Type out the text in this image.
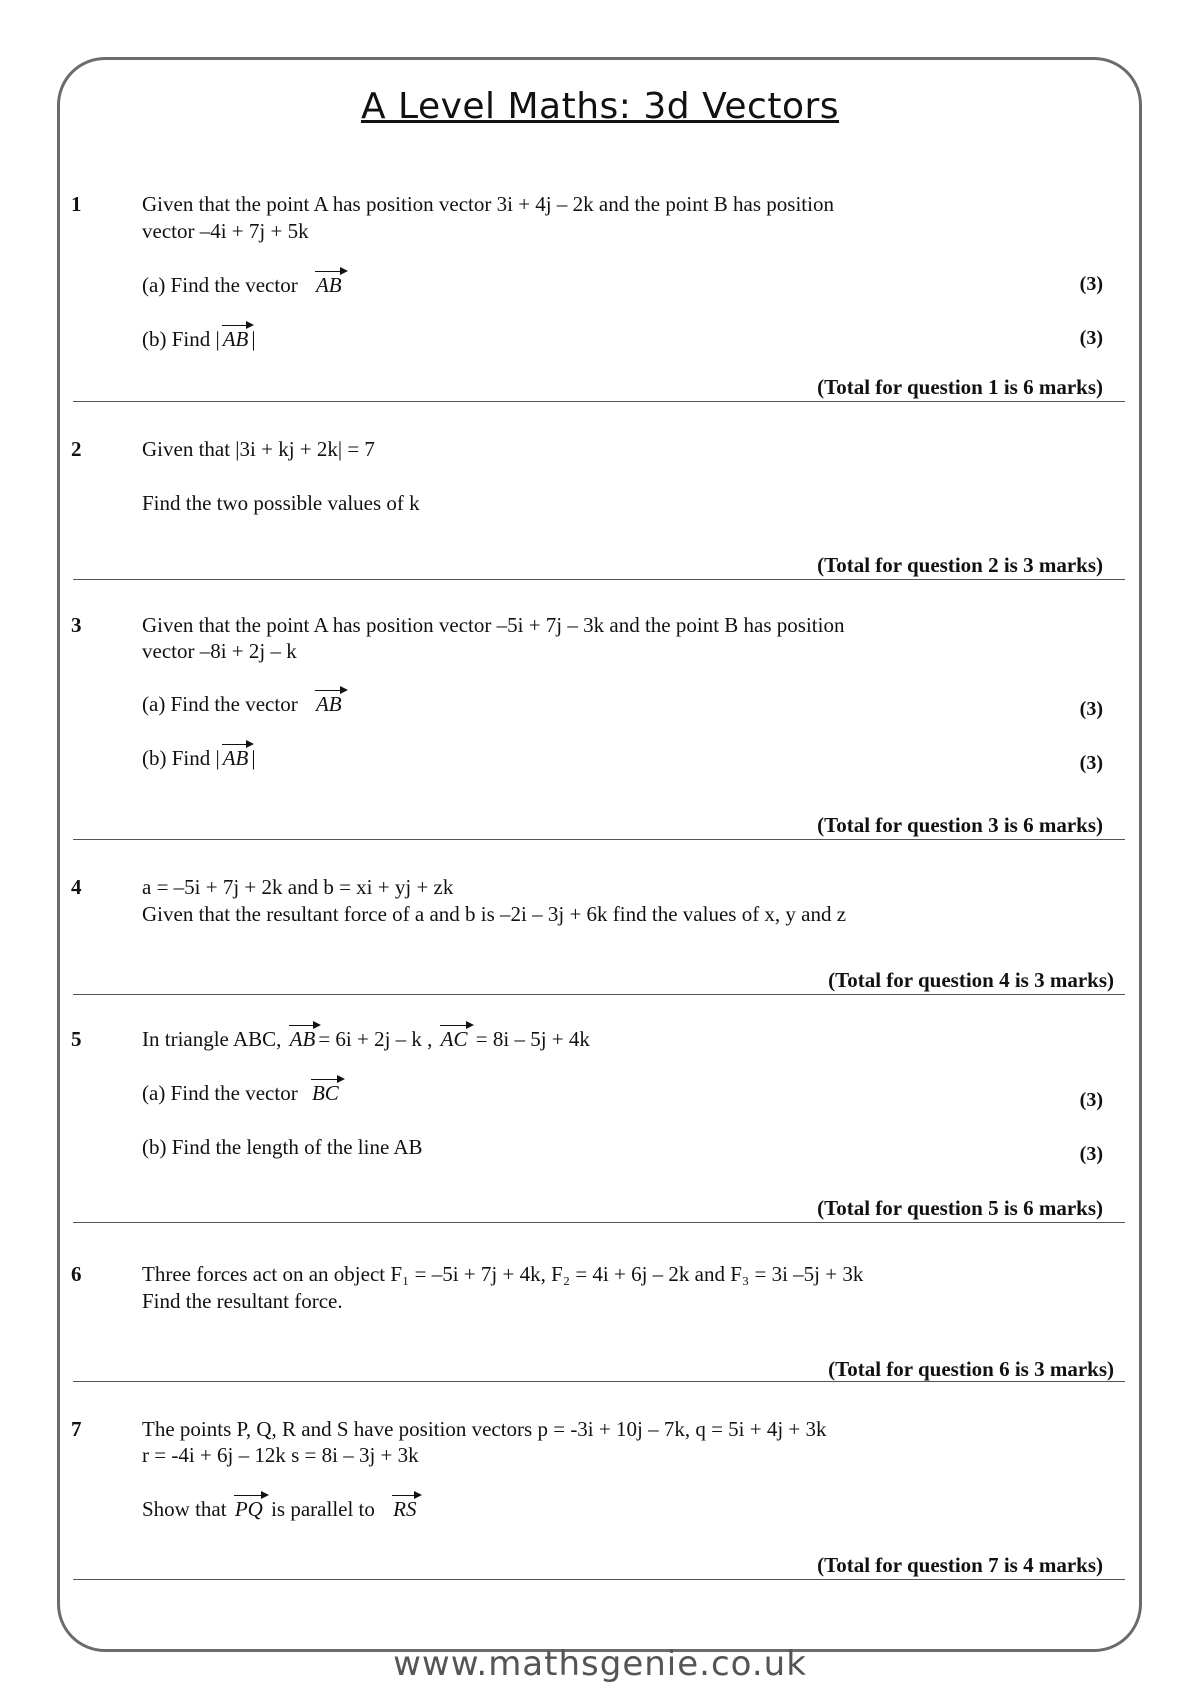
A Level Maths: 3d Vectors
1	Given that the point A has position vector 3i + 4j – 2k and the point B has position
vector –4i + 7j + 5k
(a) Find the vector AB	(3)
(b) Find | AB |	(3)
(Total for question 1 is 6 marks)
2	Given that |3i + kj + 2k| = 7
Find the two possible values of k
(Total for question 2 is 3 marks)
3	Given that the point A has position vector –5i + 7j – 3k and the point B has position
vector –8i + 2j – k
(a) Find the vector AB	(3)
(b) Find | AB |	(3)
(Total for question 3 is 6 marks)
4	a = –5i + 7j + 2k and b = xi + yj + zk
Given that the resultant force of a and b is –2i – 3j + 6k find the values of x, y and z
(Total for question 4 is 3 marks)
5	In triangle ABC, AB = 6i + 2j – k , AC = 8i – 5j + 4k
(a) Find the vector BC	(3)
(b) Find the length of the line AB	(3)
(Total for question 5 is 6 marks)
6	Three forces act on an object F₁ = –5i + 7j + 4k, F₂ = 4i + 6j – 2k and F₃ = 3i –5j + 3k
Find the resultant force.
(Total for question 6 is 3 marks)
7	The points P, Q, R and S have position vectors p = -3i + 10j – 7k, q = 5i + 4j + 3k
r = -4i + 6j – 12k s = 8i – 3j + 3k
Show that PQ is parallel to RS
(Total for question 7 is 4 marks)
www.mathsgenie.co.uk
